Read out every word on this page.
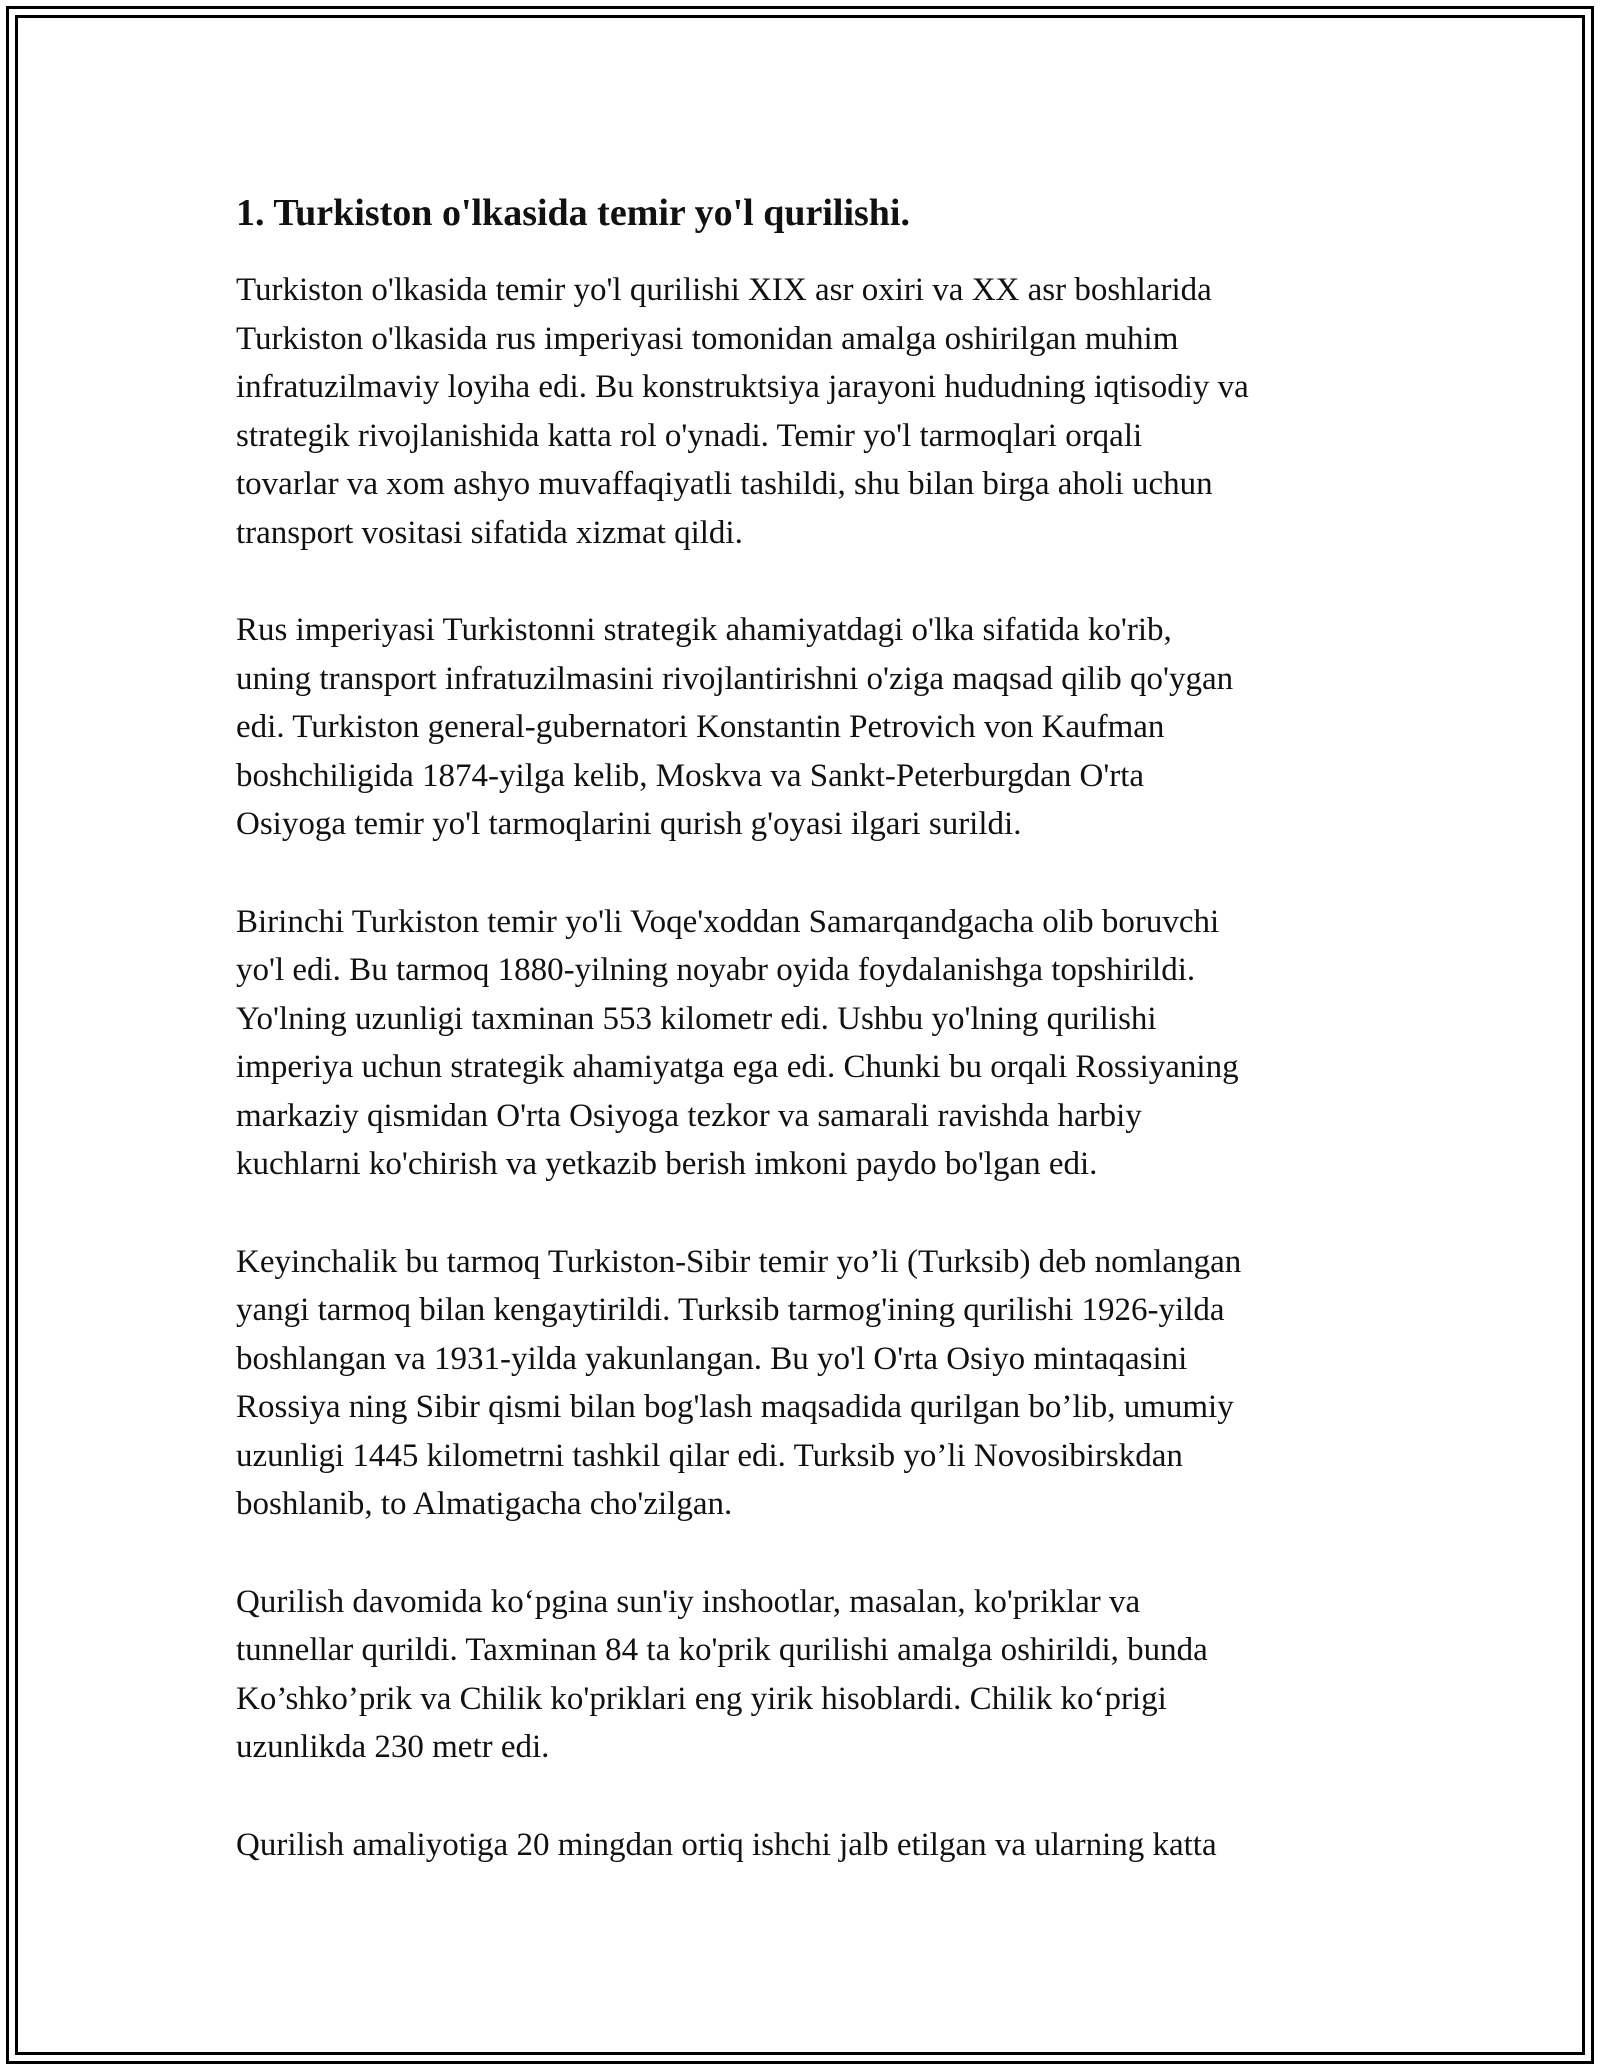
1. Turkiston o'lkasida temir yo'l qurilishi.

Turkiston o'lkasida temir yo'l qurilishi XIX asr oxiri va XX asr boshlarida
Turkiston o'lkasida rus imperiyasi tomonidan amalga oshirilgan muhim
infratuzilmaviy loyiha edi. Bu konstruktsiya jarayoni hududning iqtisodiy va
strategik rivojlanishida katta rol o'ynadi. Temir yo'l tarmoqlari orqali
tovarlar va xom ashyo muvaffaqiyatli tashildi, shu bilan birga aholi uchun
transport vositasi sifatida xizmat qildi.

Rus imperiyasi Turkistonni strategik ahamiyatdagi o'lka sifatida ko'rib,
uning transport infratuzilmasini rivojlantirishni o'ziga maqsad qilib qo'ygan
edi. Turkiston general-gubernatori Konstantin Petrovich von Kaufman
boshchiligida 1874-yilga kelib, Moskva va Sankt-Peterburgdan O'rta
Osiyoga temir yo'l tarmoqlarini qurish g'oyasi ilgari surildi.

Birinchi Turkiston temir yo'li Voqe'xoddan Samarqandgacha olib boruvchi
yo'l edi. Bu tarmoq 1880-yilning noyabr oyida foydalanishga topshirildi.
Yo'lning uzunligi taxminan 553 kilometr edi. Ushbu yo'lning qurilishi
imperiya uchun strategik ahamiyatga ega edi. Chunki bu orqali Rossiyaning
markaziy qismidan O'rta Osiyoga tezkor va samarali ravishda harbiy
kuchlarni ko'chirish va yetkazib berish imkoni paydo bo'lgan edi.

Keyinchalik bu tarmoq Turkiston-Sibir temir yo’li (Turksib) deb nomlangan
yangi tarmoq bilan kengaytirildi. Turksib tarmog'ining qurilishi 1926-yilda
boshlangan va 1931-yilda yakunlangan. Bu yo'l O'rta Osiyo mintaqasini
Rossiya ning Sibir qismi bilan bog'lash maqsadida qurilgan bo’lib, umumiy
uzunligi 1445 kilometrni tashkil qilar edi. Turksib yo’li Novosibirskdan
boshlanib, to Almatigacha cho'zilgan.

Qurilish davomida ko‘pgina sun'iy inshootlar, masalan, ko'priklar va
tunnellar qurildi. Taxminan 84 ta ko'prik qurilishi amalga oshirildi, bunda
Ko’shko’prik va Chilik ko'priklari eng yirik hisoblardi. Chilik ko‘prigi
uzunlikda 230 metr edi.

Qurilish amaliyotiga 20 mingdan ortiq ishchi jalb etilgan va ularning katta
